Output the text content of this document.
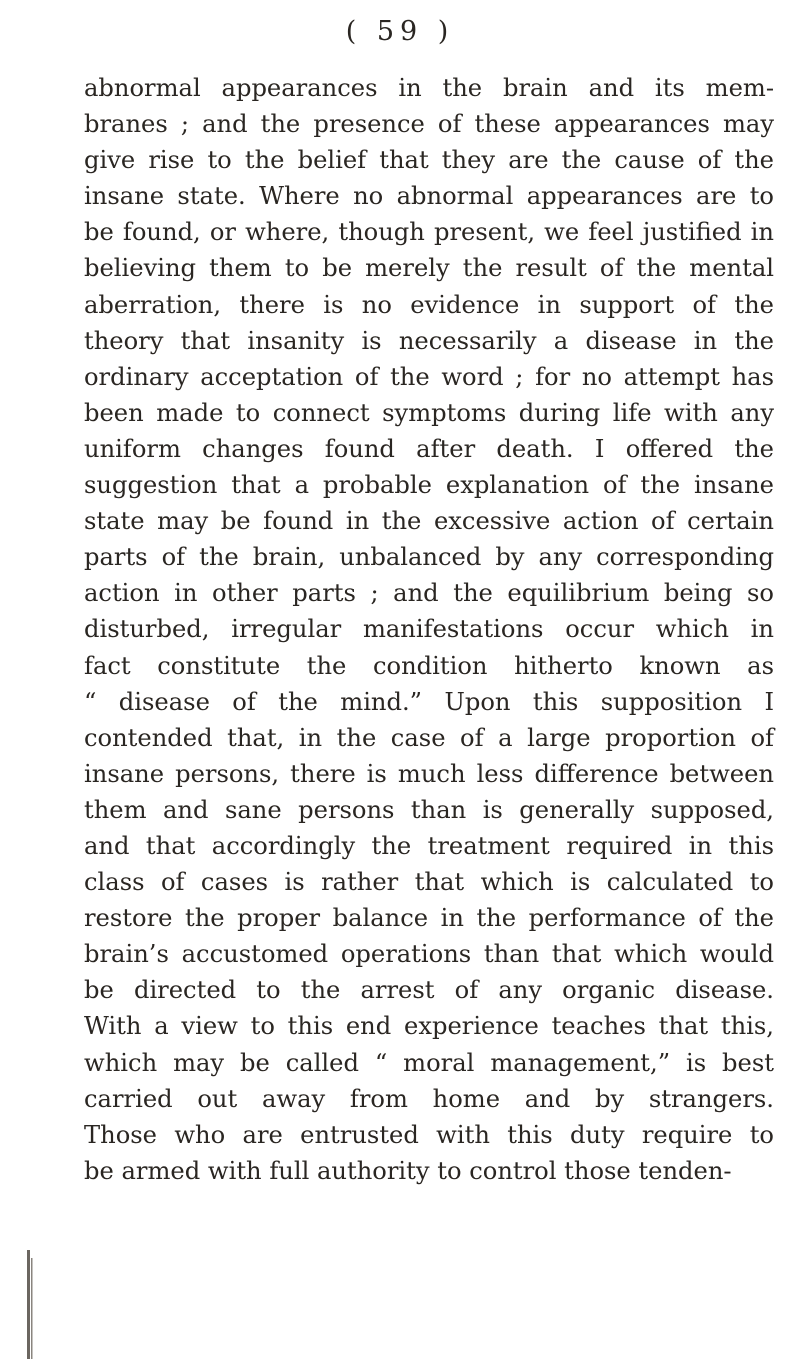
( 59 )
abnormal appearances in the brain and its mem-
branes ; and the presence of these appearances may
give rise to the belief that they are the cause of the
insane state. Where no abnormal appearances are to
be found, or where, though present, we feel justified in
believing them to be merely the result of the mental
aberration, there is no evidence in support of the
theory that insanity is necessarily a disease in the
ordinary acceptation of the word ; for no attempt has
been made to connect symptoms during life with any
uniform changes found after death. I offered the
suggestion that a probable explanation of the insane
state may be found in the excessive action of certain
parts of the brain, unbalanced by any corresponding
action in other parts ; and the equilibrium being so
disturbed, irregular manifestations occur which in
fact constitute the condition hitherto known as
“ disease of the mind.” Upon this supposition I
contended that, in the case of a large proportion of
insane persons, there is much less difference between
them and sane persons than is generally supposed,
and that accordingly the treatment required in this
class of cases is rather that which is calculated to
restore the proper balance in the performance of the
brain’s accustomed operations than that which would
be directed to the arrest of any organic disease.
With a view to this end experience teaches that this,
which may be called “ moral management,” is best
carried out away from home and by strangers.
Those who are entrusted with this duty require to
be armed with full authority to control those tenden-
